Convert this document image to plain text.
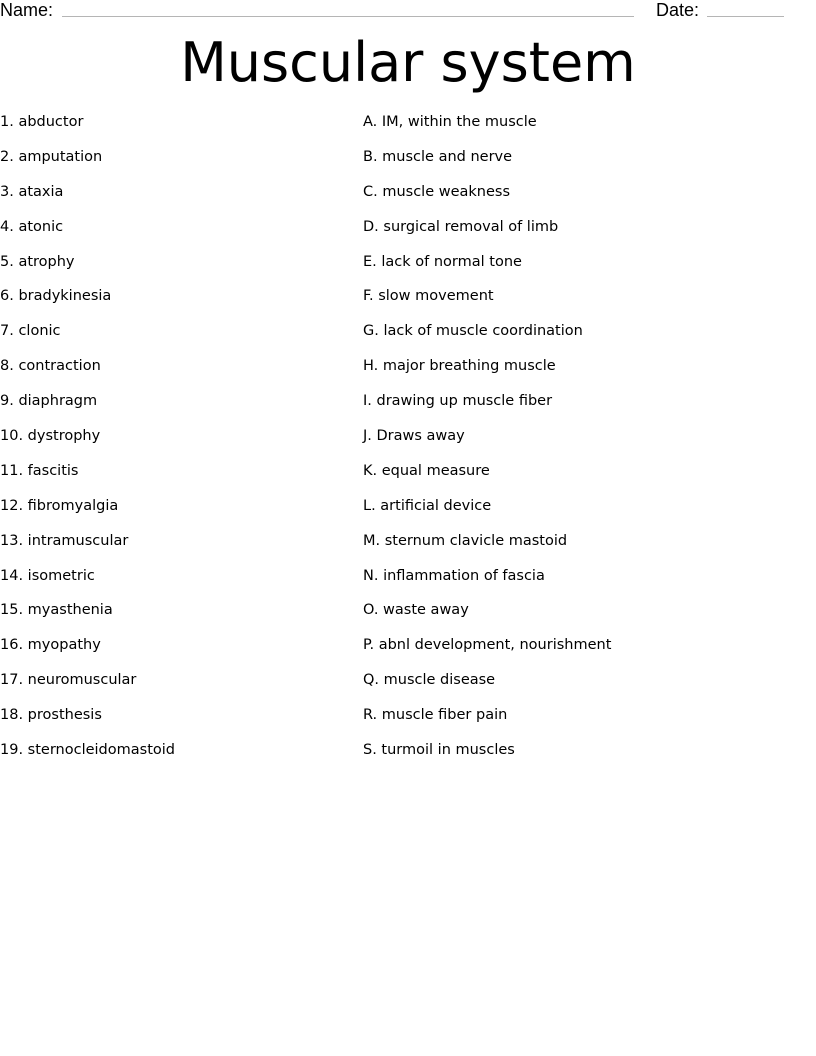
Name:	Date:
Muscular system
1. abductor
2. amputation
3. ataxia
4. atonic
5. atrophy
6. bradykinesia
7. clonic
8. contraction
9. diaphragm
10. dystrophy
11. fascitis
12. fibromyalgia
13. intramuscular
14. isometric
15. myasthenia
16. myopathy
17. neuromuscular
18. prosthesis
19. sternocleidomastoid
A. IM, within the muscle
B. muscle and nerve
C. muscle weakness
D. surgical removal of limb
E. lack of normal tone
F. slow movement
G. lack of muscle coordination
H. major breathing muscle
I. drawing up muscle fiber
J. Draws away
K. equal measure
L. artificial device
M. sternum clavicle mastoid
N. inflammation of fascia
O. waste away
P. abnl development, nourishment
Q. muscle disease
R. muscle fiber pain
S. turmoil in muscles
